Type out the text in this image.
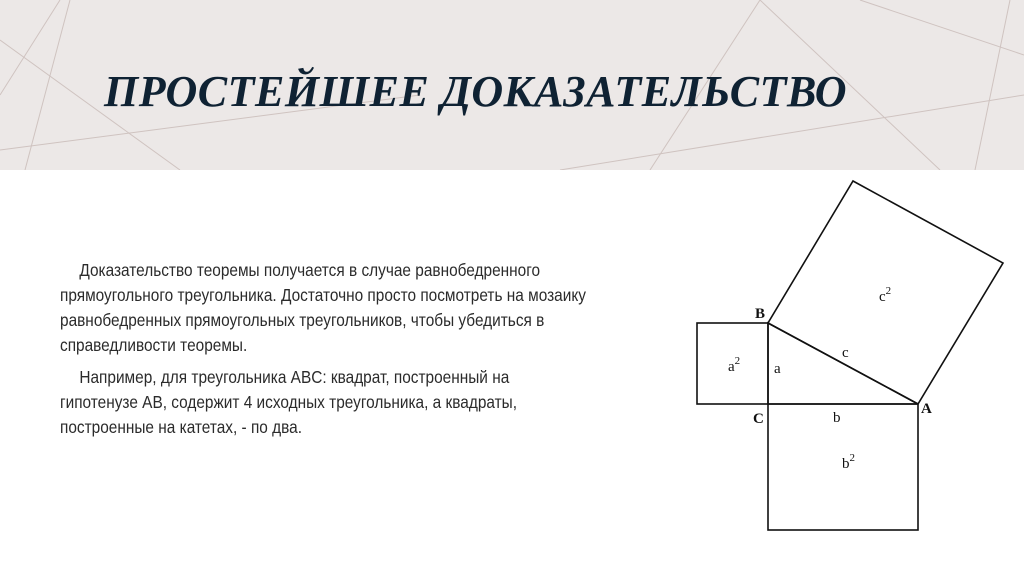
ПРОСТЕЙШЕЕ ДОКАЗАТЕЛЬСТВО

Доказательство теоремы получается в случае равнобедренного прямоугольного треугольника. Достаточно просто посмотреть на мозаику равнобедренных прямоугольных треугольников, чтобы убедиться в справедливости теоремы.

Например, для треугольника ABC: квадрат, построенный на гипотенузе AB, содержит 4 исходных треугольника, а квадраты, построенные на катетах, - по два.

B
C
A
a
b
c
$a^2$
$b^2$
$c^2$
